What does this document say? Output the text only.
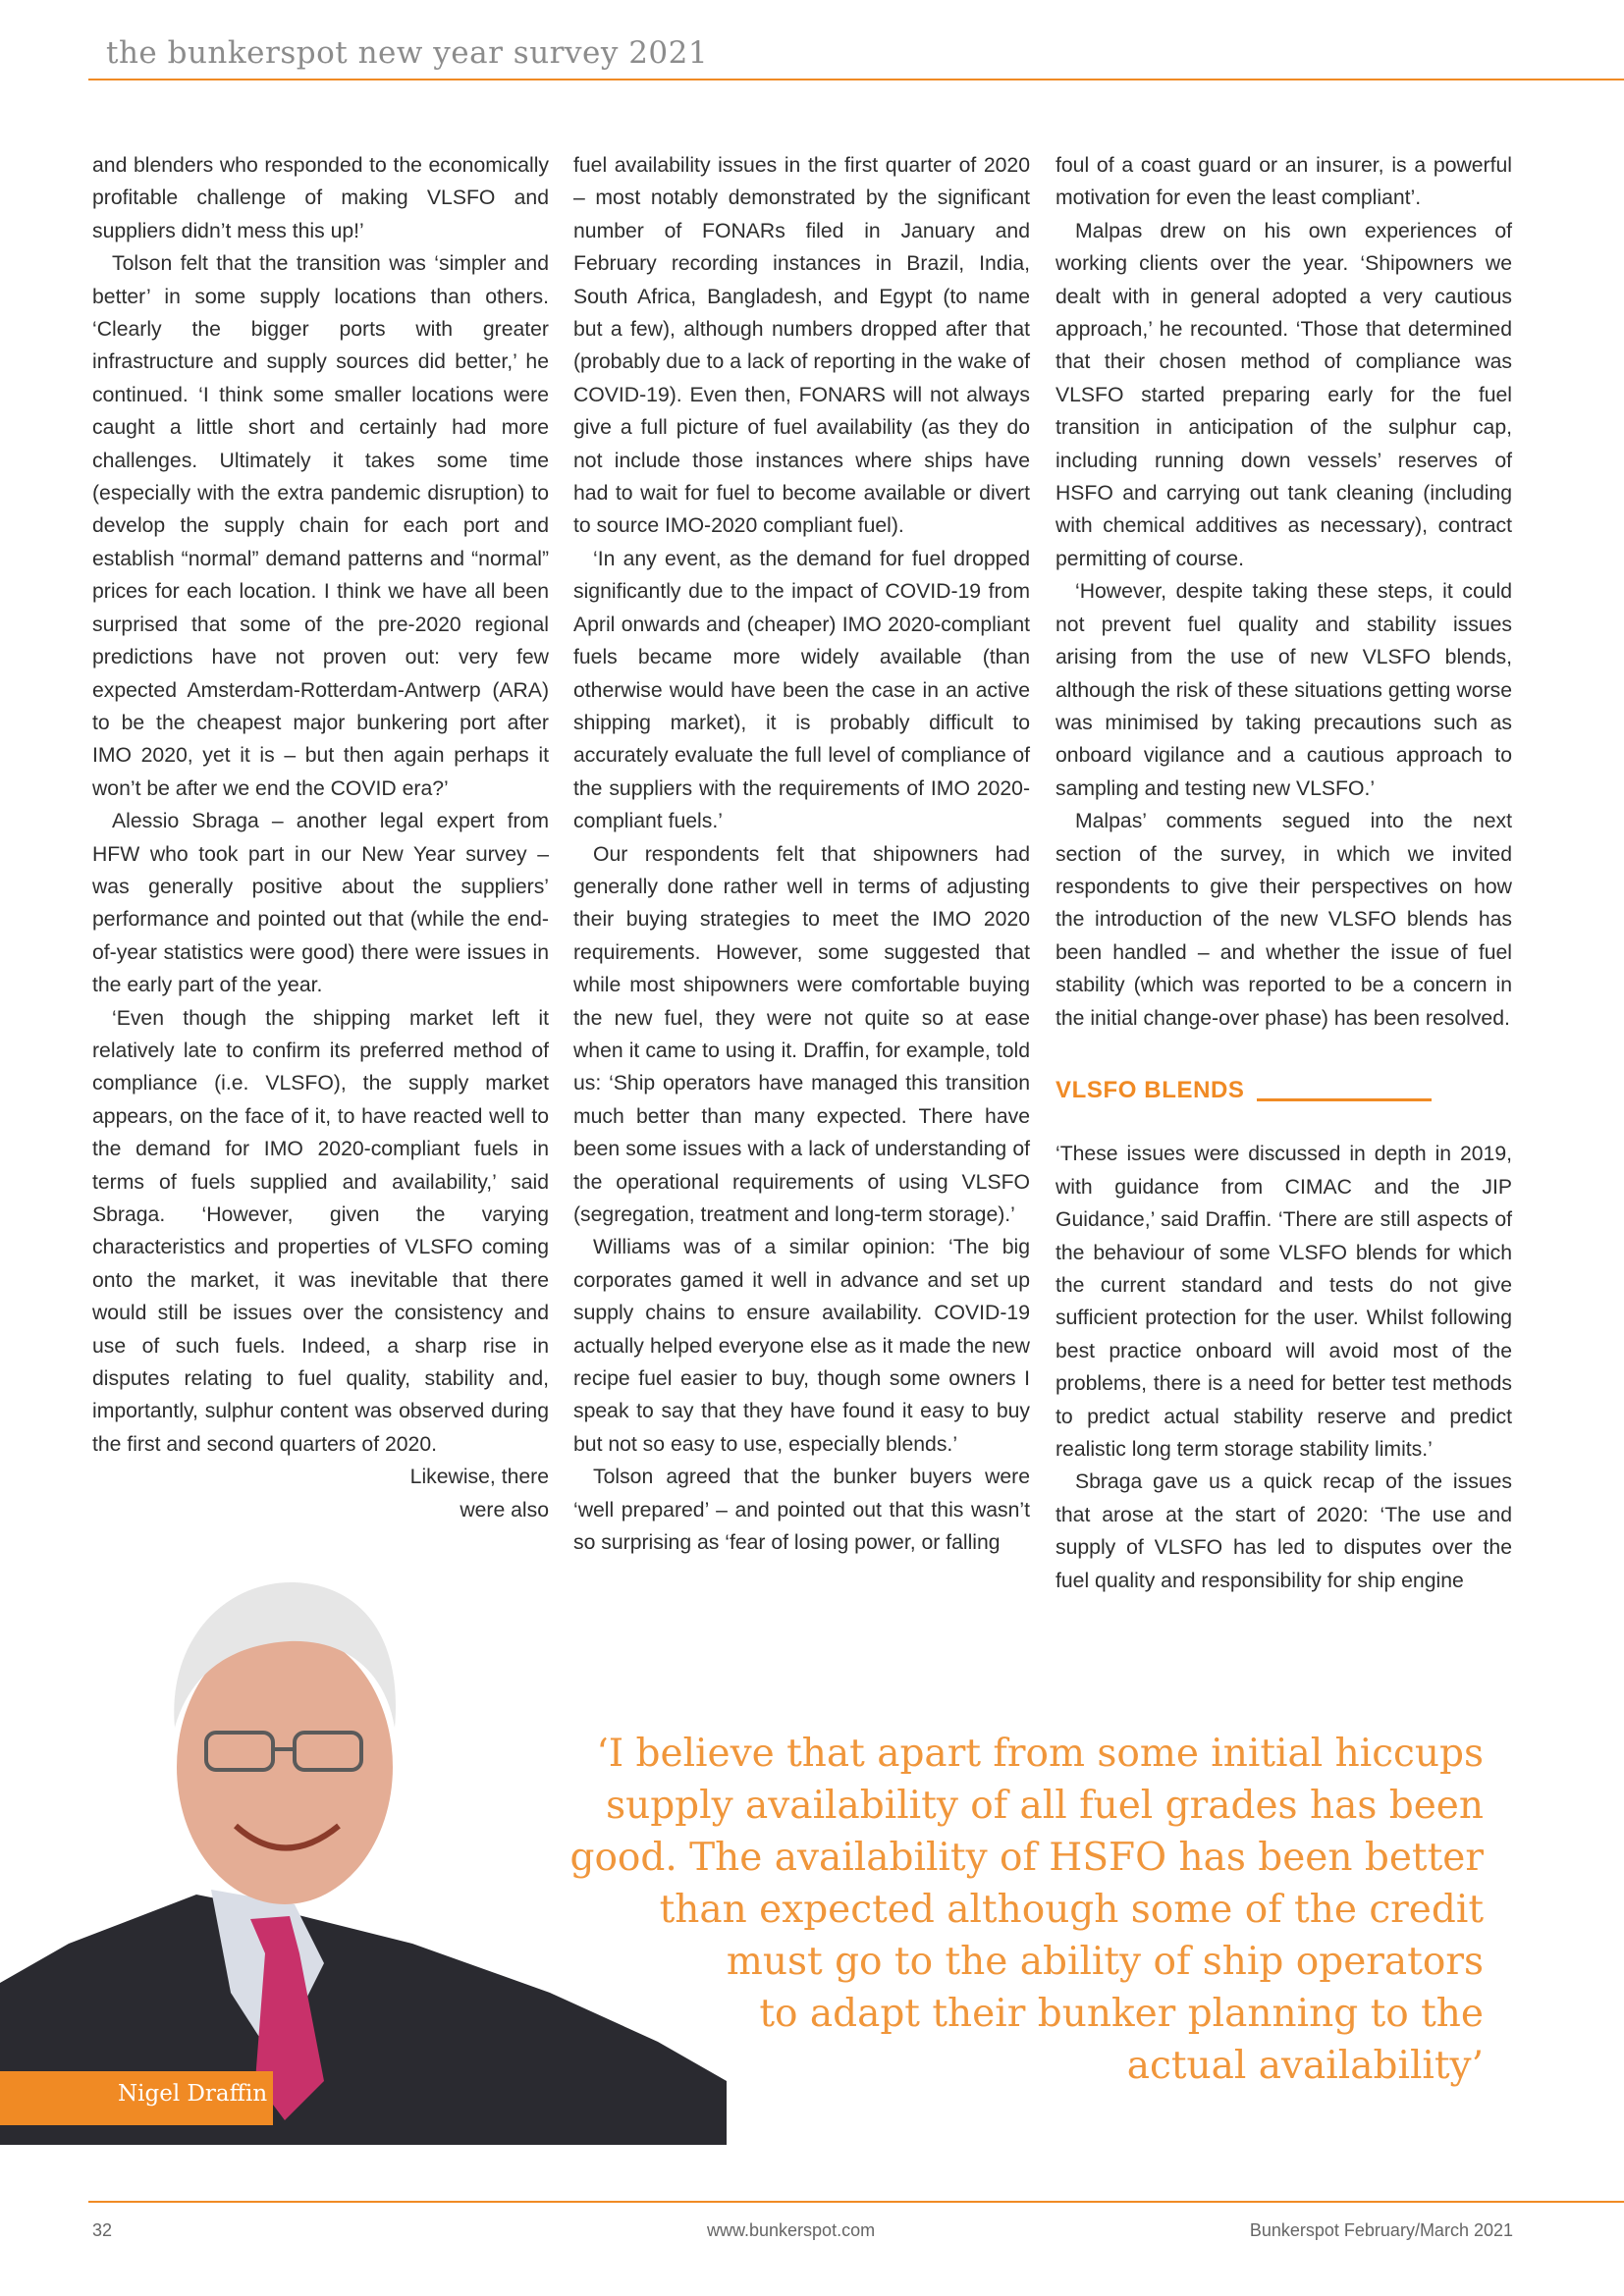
the bunkerspot new year survey 2021

and blenders who responded to the economically profitable challenge of making VLSFO and suppliers didn’t mess this up!’

Tolson felt that the transition was ‘simpler and better’ in some supply locations than others. ‘Clearly the bigger ports with greater infrastructure and supply sources did better,’ he continued. ‘I think some smaller locations were caught a little short and certainly had more challenges. Ultimately it takes some time (especially with the extra pandemic disruption) to develop the supply chain for each port and establish “normal” demand patterns and “normal” prices for each location. I think we have all been surprised that some of the pre-2020 regional predictions have not proven out: very few expected Amsterdam-Rotterdam-Antwerp (ARA) to be the cheapest major bunkering port after IMO 2020, yet it is – but then again perhaps it won’t be after we end the COVID era?’

Alessio Sbraga – another legal expert from HFW who took part in our New Year survey – was generally positive about the suppliers’ performance and pointed out that (while the end-of-year statistics were good) there were issues in the early part of the year.

‘Even though the shipping market left it relatively late to confirm its preferred method of compliance (i.e. VLSFO), the supply market appears, on the face of it, to have reacted well to the demand for IMO 2020-compliant fuels in terms of fuels supplied and availability,’ said Sbraga. ‘However, given the varying characteristics and properties of VLSFO coming onto the market, it was inevitable that there would still be issues over the consistency and use of such fuels. Indeed, a sharp rise in disputes relating to fuel quality, stability and, importantly, sulphur content was observed during the first and second quarters of 2020.

Likewise, there

were also

fuel availability issues in the first quarter of 2020 – most notably demonstrated by the significant number of FONARs filed in January and February recording instances in Brazil, India, South Africa, Bangladesh, and Egypt (to name but a few), although numbers dropped after that (probably due to a lack of reporting in the wake of COVID-19). Even then, FONARS will not always give a full picture of fuel availability (as they do not include those instances where ships have had to wait for fuel to become available or divert to source IMO-2020 compliant fuel).

‘In any event, as the demand for fuel dropped significantly due to the impact of COVID-19 from April onwards and (cheaper) IMO 2020-compliant fuels became more widely available (than otherwise would have been the case in an active shipping market), it is probably difficult to accurately evaluate the full level of compliance of the suppliers with the requirements of IMO 2020-compliant fuels.’

Our respondents felt that shipowners had generally done rather well in terms of adjusting their buying strategies to meet the IMO 2020 requirements. However, some suggested that while most shipowners were comfortable buying the new fuel, they were not quite so at ease when it came to using it. Draffin, for example, told us: ‘Ship operators have managed this transition much better than many expected. There have been some issues with a lack of understanding of the operational requirements of using VLSFO (segregation, treatment and long-term storage).’

Williams was of a similar opinion: ‘The big corporates gamed it well in advance and set up supply chains to ensure availability. COVID-19 actually helped everyone else as it made the new recipe fuel easier to buy, though some owners I speak to say that they have found it easy to buy but not so easy to use, especially blends.’

Tolson agreed that the bunker buyers were ‘well prepared’ – and pointed out that this wasn’t so surprising as ‘fear of losing power, or falling

foul of a coast guard or an insurer, is a powerful motivation for even the least compliant’.

Malpas drew on his own experiences of working clients over the year. ‘Shipowners we dealt with in general adopted a very cautious approach,’ he recounted. ‘Those that determined that their chosen method of compliance was VLSFO started preparing early for the fuel transition in anticipation of the sulphur cap, including running down vessels’ reserves of HSFO and carrying out tank cleaning (including with chemical additives as necessary), contract permitting of course.

‘However, despite taking these steps, it could not prevent fuel quality and stability issues arising from the use of new VLSFO blends, although the risk of these situations getting worse was minimised by taking precautions such as onboard vigilance and a cautious approach to sampling and testing new VLSFO.’

Malpas’ comments segued into the next section of the survey, in which we invited respondents to give their perspectives on how the introduction of the new VLSFO blends has been handled – and whether the issue of fuel stability (which was reported to be a concern in the initial change-over phase) has been resolved.

VLSFO BLENDS

‘These issues were discussed in depth in 2019, with guidance from CIMAC and the JIP Guidance,’ said Draffin. ‘There are still aspects of the behaviour of some VLSFO blends for which the current standard and tests do not give sufficient protection for the user. Whilst following best practice onboard will avoid most of the problems, there is a need for better test methods to predict actual stability reserve and predict realistic long term storage stability limits.’

Sbraga gave us a quick recap of the issues that arose at the start of 2020: ‘The use and supply of VLSFO has led to disputes over the fuel quality and responsibility for ship engine

Nigel Draffin
‘I believe that apart from some initial hiccups
supply availability of all fuel grades has been
good. The availability of HSFO has been better
than expected although some of the credit
must go to the ability of ship operators
to adapt their bunker planning to the
actual availability’
32	www.bunkerspot.com	Bunkerspot February/March 2021
